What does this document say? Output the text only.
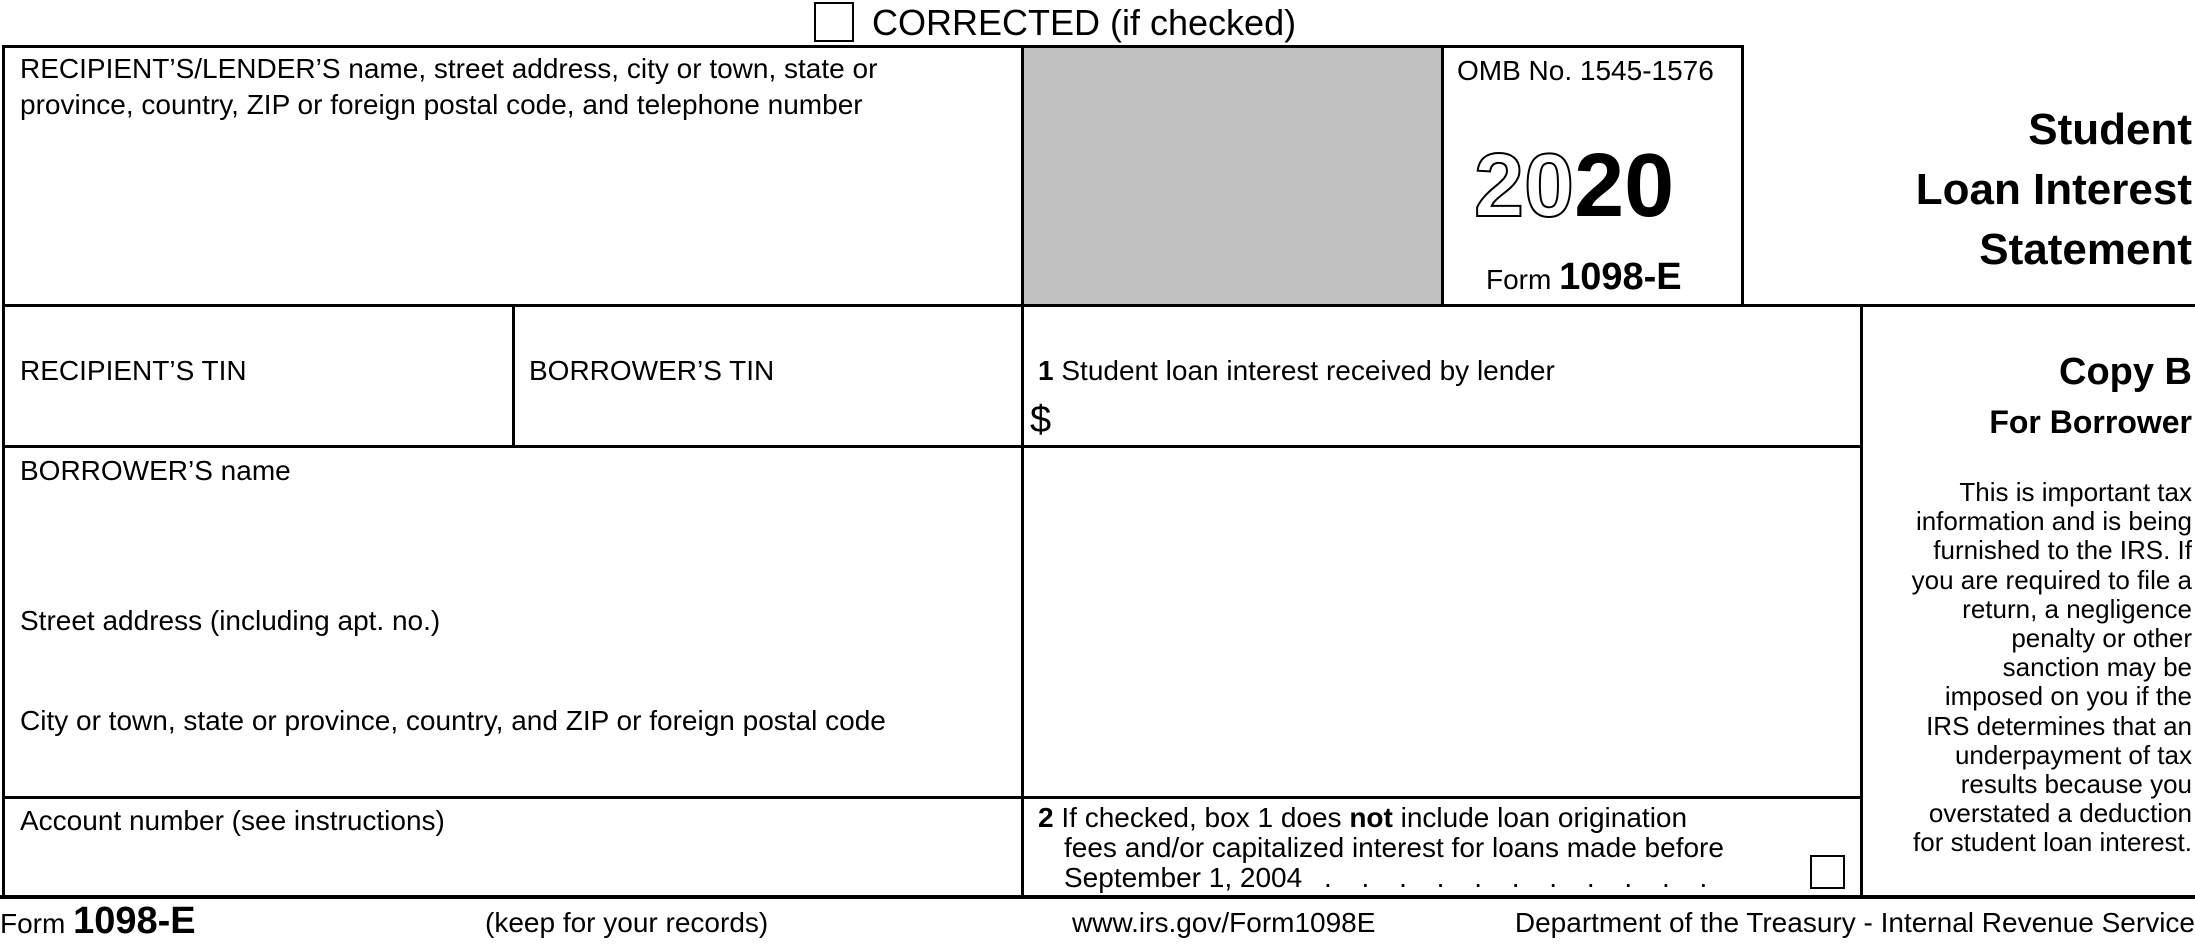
CORRECTED (if checked)
RECIPIENT’S/LENDER’S name, street address, city or town, state or
province, country, ZIP or foreign postal code, and telephone number
OMB No. 1545-1576
2020
Form 1098-E
Student
Loan Interest
Statement
RECIPIENT’S TIN	BORROWER’S TIN	1 Student loan interest received by lender
$
Copy B
For Borrower
This is important tax
information and is being
furnished to the IRS. If
you are required to file a
return, a negligence
penalty or other
sanction may be
imposed on you if the
IRS determines that an
underpayment of tax
results because you
overstated a deduction
for student loan interest.
BORROWER’S name
Street address (including apt. no.)
City or town, state or province, country, and ZIP or foreign postal code
Account number (see instructions)	2 If checked, box 1 does not include loan origination
fees and/or capitalized interest for loans made before
September 1, 2004 . . . . . . . . . . .
Form 1098-E	(keep for your records)	www.irs.gov/Form1098E	Department of the Treasury - Internal Revenue Service
